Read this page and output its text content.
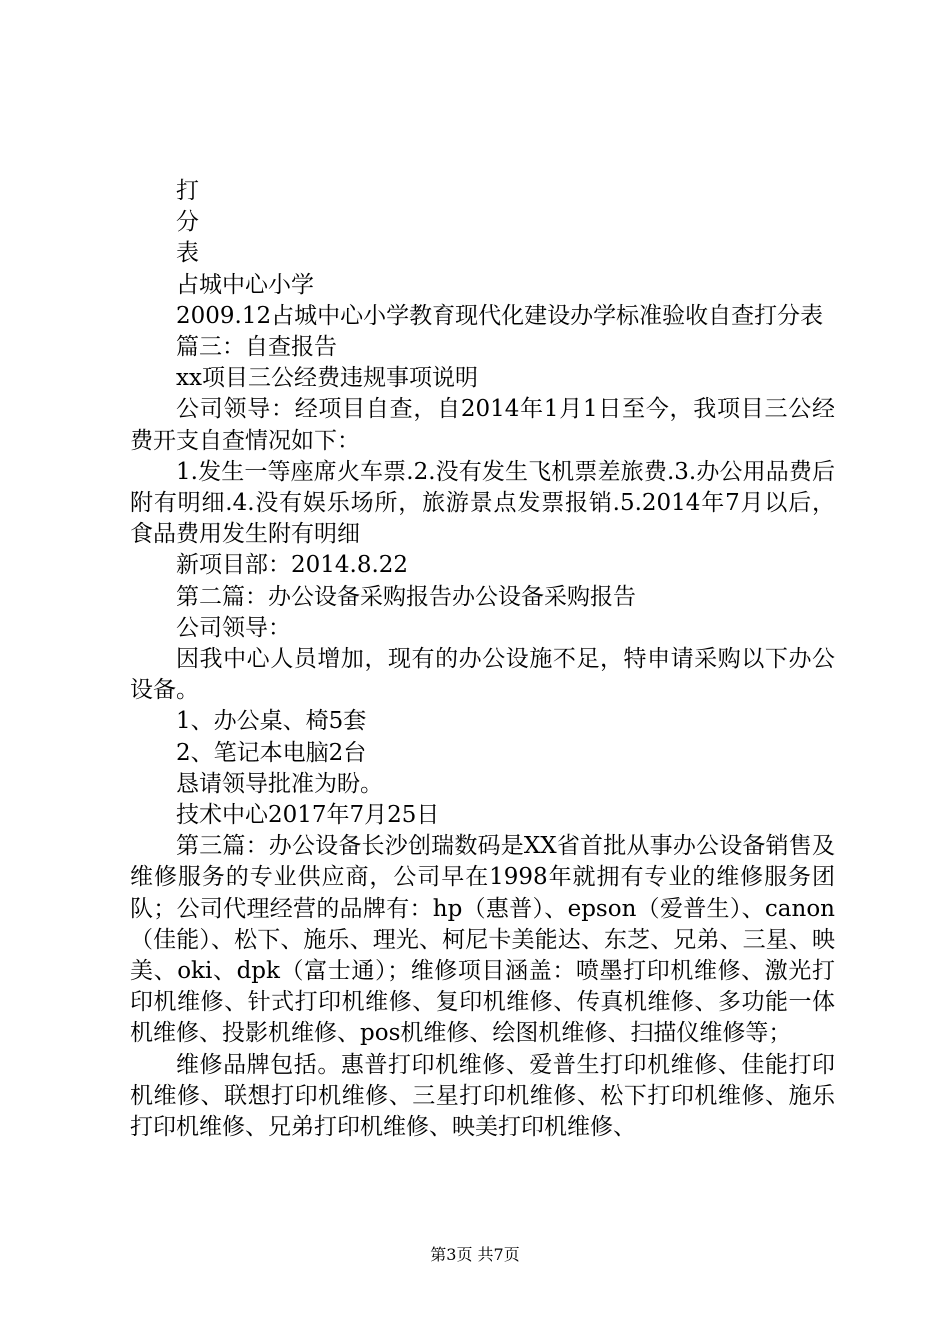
打

分

表

占城中心小学

2009.12占城中心小学教育现代化建设办学标准验收自查打分表

篇三：自查报告

xx项目三公经费违规事项说明

公司领导：经项目自查，自2014年1月1日至今，我项目三公经费开支自查情况如下：

1.发生一等座席火车票.2.没有发生飞机票差旅费.3.办公用品费后附有明细.4.没有娱乐场所，旅游景点发票报销.5.2014年7月以后，食品费用发生附有明细

新项目部：2014.8.22

第二篇：办公设备采购报告办公设备采购报告

公司领导：

因我中心人员增加，现有的办公设施不足，特申请采购以下办公设备。

1、办公桌、椅5套

2、笔记本电脑2台

恳请领导批准为盼。

技术中心2017年7月25日

第三篇：办公设备长沙创瑞数码是XX省首批从事办公设备销售及维修服务的专业供应商，公司早在1998年就拥有专业的维修服务团队；公司代理经营的品牌有：hp（惠普）、epson（爱普生）、canon（佳能）、松下、施乐、理光、柯尼卡美能达、东芝、兄弟、三星、映美、oki、dpk（富士通）；维修项目涵盖：喷墨打印机维修、激光打印机维修、针式打印机维修、复印机维修、传真机维修、多功能一体机维修、投影机维修、pos机维修、绘图机维修、扫描仪维修等；

维修品牌包括。惠普打印机维修、爱普生打印机维修、佳能打印机维修、联想打印机维修、三星打印机维修、松下打印机维修、施乐打印机维修、兄弟打印机维修、映美打印机维修、

第3页 共7页
